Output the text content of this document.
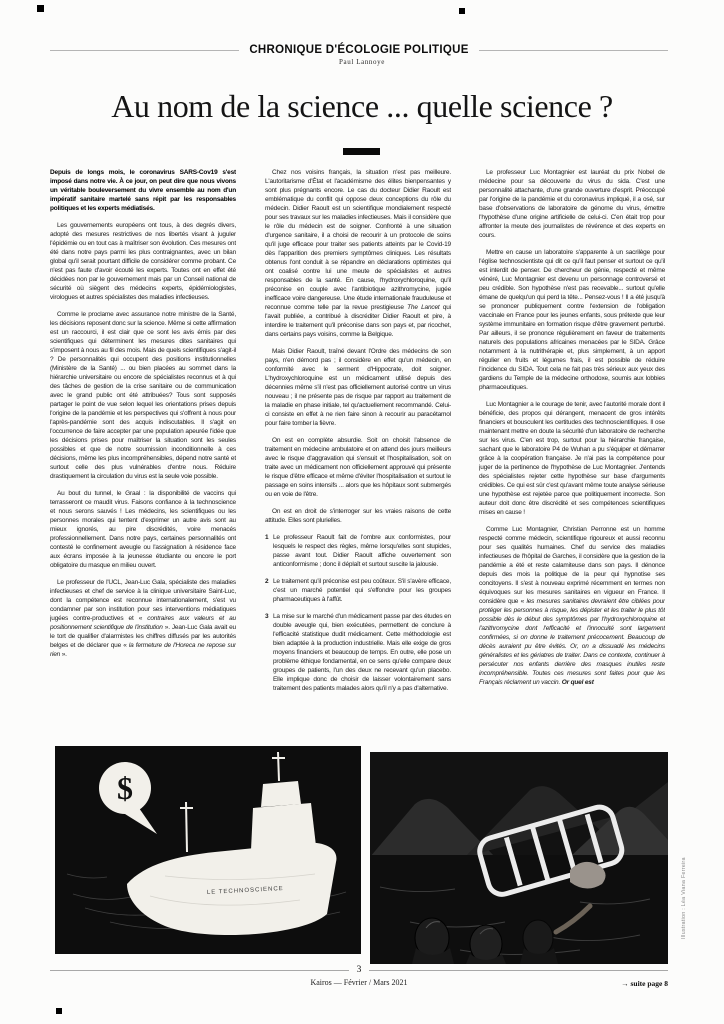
CHRONIQUE D'ÉCOLOGIE POLITIQUE
Paul Lannoye
Au nom de la science ... quelle science ?
Depuis de longs mois, le coronavirus SARS-Cov19 s'est imposé dans notre vie. À ce jour, on peut dire que nous vivons un véritable bouleversement du vivre ensemble au nom d'un impératif sanitaire martelé sans répit par les responsables politiques et les experts médiatisés.
Les gouvernements européens ont tous, à des degrés divers, adopté des mesures restrictives de nos libertés visant à juguler l'épidémie ou en tout cas à maîtriser son évolution. Ces mesures ont été dans notre pays parmi les plus contraignantes, avec un bilan global qu'il serait pourtant difficile de considérer comme probant. Ce n'est pas faute d'avoir écouté les experts. Toutes ont en effet été décidées non par le gouvernement mais par un Conseil national de sécurité où siègent des médecins experts, épidémiologistes, virologues et autres spécialistes des maladies infectieuses.
Comme le proclame avec assurance notre ministre de la Santé, les décisions reposent donc sur la science. Même si cette affirmation est un raccourci, il est clair que ce sont les avis émis par des scientifiques qui déterminent les mesures dites sanitaires qui s'imposent à nous au fil des mois. Mais de quels scientifiques s'agit-il ? De personnalités qui occupent des positions institutionnelles (Ministère de la Santé) ... ou bien placées au sommet dans la hiérarchie universitaire ou encore de spécialistes reconnus et à qui des tâches de gestion de la crise sanitaire ou de communication avec le grand public ont été attribuées? Tous sont supposés partager le point de vue selon lequel les orientations prises depuis l'origine de la pandémie et les perspectives qui s'offrent à nous pour l'après-pandémie sont des acquis indiscutables. Il s'agit en l'occurrence de faire accepter par une population apeurée l'idée que les décisions prises pour maîtriser la situation sont les seules possibles et que de notre soumission inconditionnelle à ces décisions, même les plus incompréhensibles, dépend notre santé et surtout celle des plus vulnérables d'entre nous. Réduire drastiquement la circulation du virus est la seule voie possible.
Au bout du tunnel, le Graal : la disponibilité de vaccins qui terrasseront ce maudit virus. Faisons confiance à la technoscience et nous serons sauvés ! Les médecins, les scientifiques ou les personnes morales qui tentent d'exprimer un autre avis sont au mieux ignorés, au pire discrédités, voire menacés professionnellement. Dans notre pays, certaines personnalités ont contesté le confinement aveugle ou l'assignation à résidence face aux écrans imposée à la jeunesse étudiante ou encore le port obligatoire du masque en milieu ouvert.
Le professeur de l'UCL, Jean-Luc Gala, spécialiste des maladies infectieuses et chef de service à la clinique universitaire Saint-Luc, dont la compétence est reconnue internationalement, s'est vu condamner par son institution pour ses interventions médiatiques jugées contre-productives et « contraires aux valeurs et au positionnement scientifique de l'institution ». Jean-Luc Gala avait eu le tort de qualifier d'alarmistes les chiffres diffusés par les autorités belges et de déclarer que « la fermeture de l'Horeca ne repose sur rien ».
Chez nos voisins français, la situation n'est pas meilleure. L'autoritarisme d'État et l'académisme des élites bienpensantes y sont plus prégnants encore. Le cas du docteur Didier Raoult est emblématique du conflit qui oppose deux conceptions du rôle du médecin. Didier Raoult est un scientifique mondialement respecté pour ses travaux sur les maladies infectieuses. Mais il considère que le rôle du médecin est de soigner. Confronté à une situation d'urgence sanitaire, il a choisi de recourir à un protocole de soins qu'il juge efficace pour traiter ses patients atteints par le Covid-19 dès l'apparition des premiers symptômes cliniques. Les résultats obtenus l'ont conduit à se répandre en déclarations optimistes qui ont coalisé contre lui une meute de spécialistes et autres responsables de la santé. En cause, l'hydroxychloroquine, qu'il préconise en couple avec l'antibiotique azithromycine, jugée inefficace voire dangereuse. Une étude internationale frauduleuse et reconnue comme telle par la revue prestigieuse The Lancet qui l'avait publiée, a contribué à discréditer Didier Raoult et pire, à interdire le traitement qu'il préconise dans son pays et, par ricochet, dans certains pays voisins, comme la Belgique.
Mais Didier Raoult, traîné devant l'Ordre des médecins de son pays, n'en démord pas ; il considère en effet qu'un médecin, en conformité avec le serment d'Hippocrate, doit soigner. L'hydroxychloroquine est un médicament utilisé depuis des décennies même s'il n'est pas officiellement autorisé contre un virus nouveau ; il ne présente pas de risque par rapport au traitement de la maladie en phase initiale, tel qu'actuellement recommandé. Celui-ci consiste en effet à ne rien faire sinon à recourir au paracétamol pour faire tomber la fièvre.
On est en complète absurdie. Soit on choisit l'absence de traitement en médecine ambulatoire et on attend des jours meilleurs avec le risque d'aggravation qui s'ensuit et l'hospitalisation, soit on traite avec un médicament non officiellement approuvé qui présente le risque d'être efficace et même d'éviter l'hospitalisation et surtout le passage en soins intensifs ... alors que les hôpitaux sont submergés ou en voie de l'être.
On est en droit de s'interroger sur les vraies raisons de cette attitude. Elles sont plurielles.
1 Le professeur Raoult fait de l'ombre aux conformistes, pour lesquels le respect des règles, même lorsqu'elles sont stupides, passe avant tout. Didier Raoult affiche ouvertement son anticonformisme ; donc il déplaît et surtout suscite la jalousie.
2 Le traitement qu'il préconise est peu coûteux. S'il s'avère efficace, c'est un marché potentiel qui s'effondre pour les groupes pharmaceutiques à l'affût.
3 La mise sur le marché d'un médicament passe par des études en double aveugle qui, bien exécutées, permettent de conclure à l'efficacité statistique dudit médicament. Cette méthodologie est bien adaptée à la production industrielle. Mais elle exige de gros moyens financiers et beaucoup de temps. En outre, elle pose un problème éthique fondamental, en ce sens qu'elle compare deux groupes de patients, l'un des deux ne recevant qu'un placebo. Elle implique donc de choisir de laisser volontairement sans traitement des patients malades alors qu'il n'y a pas d'alternative.
Le professeur Luc Montagnier est lauréat du prix Nobel de médecine pour sa découverte du virus du sida. C'est une personnalité attachante, d'une grande ouverture d'esprit. Préoccupé par l'origine de la pandémie et du coronavirus impliqué, il a osé, sur base d'observations de laboratoire de génome du virus, émettre l'hypothèse d'une origine artificielle de celui-ci. C'en était trop pour affronter la meute des journalistes de révérence et des experts en cours.
Mettre en cause un laboratoire s'apparente à un sacrilège pour l'église technoscientiste qui dit ce qu'il faut penser et surtout ce qu'il est interdit de penser. De chercheur de génie, respecté et même vénéré, Luc Montagnier est devenu un personnage controversé et peu crédible. Son hypothèse n'est pas recevable... surtout qu'elle émane de quelqu'un qui perd la tête... Pensez-vous ! Il a été jusqu'à se prononcer publiquement contre l'extension de l'obligation vaccinale en France pour les jeunes enfants, sous prétexte que leur système immunitaire en formation risque d'être gravement perturbé. Par ailleurs, il se prononce régulièrement en faveur de traitements naturels des populations africaines menacées par le SIDA. Grâce notamment à la nutrithérapie et, plus simplement, à un apport régulier en fruits et légumes frais, il est possible de réduire l'incidence du SIDA. Tout cela ne fait pas très sérieux aux yeux des gardiens du Temple de la médecine orthodoxe, soumis aux lobbies pharmaceutiques.
Luc Montagnier a le courage de tenir, avec l'autorité morale dont il bénéficie, des propos qui dérangent, menacent de gros intérêts financiers et bousculent les certitudes des technoscientifiques. Il ose maintenant mettre en doute la sécurité d'un laboratoire de recherche sur les virus. C'en est trop, surtout pour la hiérarchie française, sachant que le laboratoire P4 de Wuhan a pu s'équiper et démarrer grâce à la coopération française. Je n'ai pas la compétence pour juger de la pertinence de l'hypothèse de Luc Montagnier. J'entends des spécialistes rejeter cette hypothèse sur base d'arguments crédibles. Ce qui est sûr c'est qu'avant même toute analyse sérieuse une hypothèse est rejetée parce que politiquement incorrecte. Son auteur doit donc être discrédité et ses compétences scientifiques mises en cause !
Comme Luc Montagnier, Christian Perronne est un homme respecté comme médecin, scientifique rigoureux et aussi reconnu pour ses qualités humaines. Chef du service des maladies infectieuses de l'hôpital de Garches, il considère que la gestion de la pandémie a été et reste calamiteuse dans son pays. Il dénonce depuis des mois la politique de la peur qui hypnotise ses concitoyens. Il s'est à nouveau exprimé récemment en termes non équivoques sur les mesures sanitaires en vigueur en France. Il considère que « les mesures sanitaires devraient être ciblées pour protéger les personnes à risque, les dépister et les traiter le plus tôt possible dès le début des symptômes par l'hydroxychloroquine et l'azithromycine dont l'efficacité et l'innocuité sont largement confirmées, si on donne le traitement précocement. Beaucoup de décès auraient pu être évités. Or, on a dissuadé les médecins généralistes et les gériatres de traiter. Dans ce contexte, continuer à persécuter nos enfants derrière des masques inutiles reste incompréhensible. Toutes ces mesures sont faites pour que les Français réclament un vaccin. Or quel est
LE TECHNOSCIENCE
$
Illustration : Léa Viana Ferreira
3
Kairos — Février / Mars 2021	→ suite page 8
